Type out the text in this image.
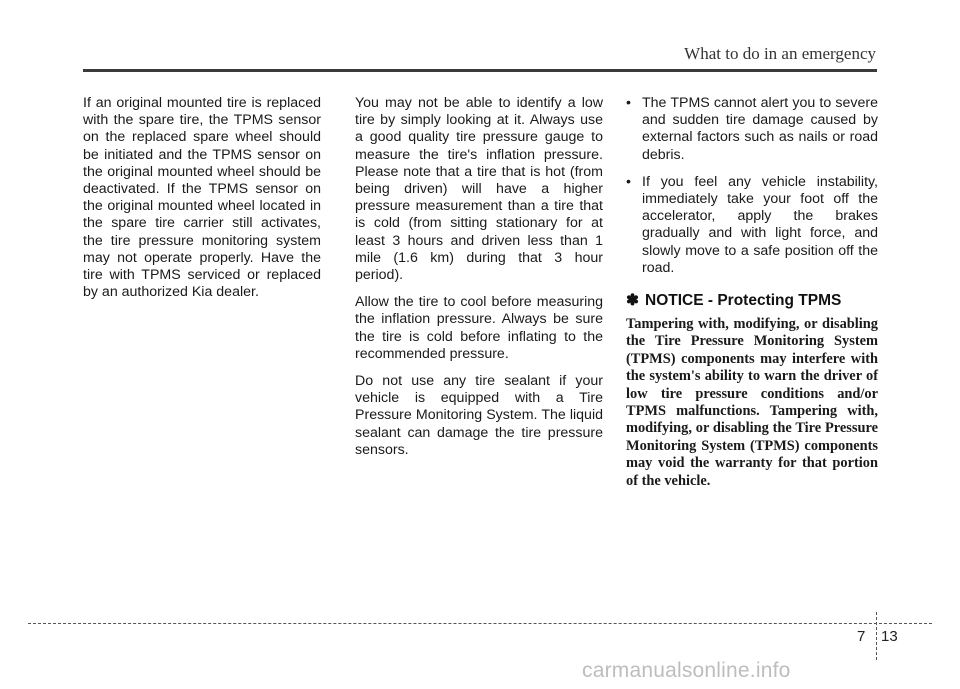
What to do in an emergency

If an original mounted tire is replaced with the spare tire, the TPMS sensor on the replaced spare wheel should be initiated and the TPMS sensor on the original mounted wheel should be deactivated. If the TPMS sensor on the original mounted wheel located in the spare tire carrier still activates, the tire pressure monitoring system may not operate properly. Have the tire with TPMS serviced or replaced by an authorized Kia dealer.

You may not be able to identify a low tire by simply looking at it. Always use a good quality tire pressure gauge to measure the tire's inflation pressure. Please note that a tire that is hot (from being driven) will have a higher pressure measurement than a tire that is cold (from sitting stationary for at least 3 hours and driven less than 1 mile (1.6 km) during that 3 hour period).

Allow the tire to cool before measuring the inflation pressure. Always be sure the tire is cold before inflating to the recommended pressure.

Do not use any tire sealant if your vehicle is equipped with a Tire Pressure Monitoring System. The liquid sealant can damage the tire pressure sensors.

• The TPMS cannot alert you to severe and sudden tire damage caused by external factors such as nails or road debris.
• If you feel any vehicle instability, immediately take your foot off the accelerator, apply the brakes gradually and with light force, and slowly move to a safe position off the road.
✽ NOTICE - Protecting TPMS

Tampering with, modifying, or disabling the Tire Pressure Monitoring System (TPMS) components may interfere with the system's ability to warn the driver of low tire pressure conditions and/or TPMS malfunctions. Tampering with, modifying, or disabling the Tire Pressure Monitoring System (TPMS) components may void the warranty for that portion of the vehicle.

7 13
carmanualsonline.info
